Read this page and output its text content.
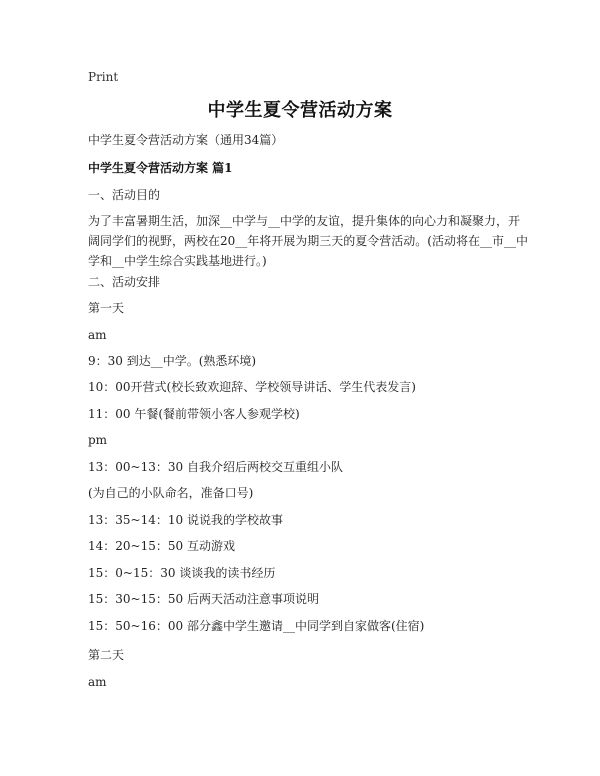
Print
中学生夏令营活动方案
中学生夏令营活动方案（通用34篇）
中学生夏令营活动方案 篇1
一、活动目的
为了丰富暑期生活，加深__中学与__中学的友谊，提升集体的向心力和凝聚力，开阔同学们的视野，两校在20__年将开展为期三天的夏令营活动。(活动将在__市__中学和__中学生综合实践基地进行。)
二、活动安排
第一天
am
9：30 到达__中学。(熟悉环境)
10：00开营式(校长致欢迎辞、学校领导讲话、学生代表发言)
11：00 午餐(餐前带领小客人参观学校)
pm
13：00~13：30 自我介绍后两校交互重组小队
(为自己的小队命名，准备口号)
13：35~14：10 说说我的学校故事
14：20~15：50 互动游戏
15：0~15：30 谈谈我的读书经历
15：30~15：50 后两天活动注意事项说明
15：50~16：00 部分鑫中学生邀请__中同学到自家做客(住宿)
第二天
am
